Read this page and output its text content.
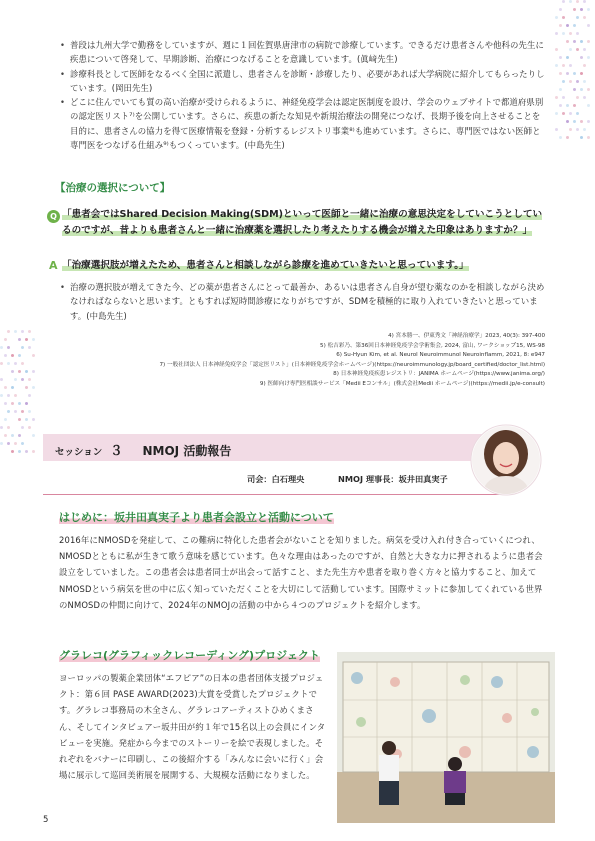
• 普段は九州大学で勤務をしていますが、週に１回佐賀県唐津市の病院で診療しています。できるだけ患者さんや他科の先生に疾患について啓発して、早期診断、治療につなげることを意識しています。(眞﨑先生)
• 診療科長として医師をなるべく全国に派遣し、患者さんを診断・診療したり、必要があれば大学病院に紹介してもらったりしています。(岡田先生)
• どこに住んでいても質の高い治療が受けられるように、神経免疫学会は認定医制度を設け、学会のウェブサイトで都道府県別の認定医リスト⁷⁾を公開しています。さらに、疾患の新たな知見や新規治療法の開発につなげ、長期予後を向上させることを目的に、患者さんの協力を得て医療情報を登録・分析するレジストリ事業⁸⁾も進めています。さらに、専門医ではない医師と専門医をつなげる仕組み⁹⁾もつくっています。(中島先生)
【治療の選択について】
Q 「患者会ではShared Decision Making(SDM)といって医師と一緒に治療の意思決定をしていこうとしているのですが、昔よりも患者さんと一緒に治療薬を選択したり考えたりする機会が増えた印象はありますか？」
A 「治療選択肢が増えたため、患者さんと相談しながら診療を進めていきたいと思っています。」
• 治療の選択肢が増えてきた今、どの薬が患者さんにとって最善か、あるいは患者さん自身が望む薬なのかを相談しながら決めなければならないと思います。ともすれば短時間診療になりがちですが、SDMを積極的に取り入れていきたいと思っています。(中島先生)
4) 宮本勝一、伊東秀文「神経治療学」2023, 40(3): 397-400
5) 松吉彩乃、第36回日本神経免疫学会学術集会, 2024, 富山, ワークショップ15, WS-98
6) Su-Hyun Kim, et al. Neurol Neuroimmunol Neuroinflamm, 2021, 8: e947
7) 一般社団法人 日本神経免疫学会「認定医リスト」(日本神経免疫学会ホームページ)(https://neuroimmunology.jp/board_certified/doctor_list.html)
8) 日本神経免疫疾患レジストリ：JANIMA ホームページ(https://www.janima.org/)
9) 医師向け専門医相談サービス「Medii Eコンサル」(株式会社Medii ホームページ)(https://medii.jp/e-consult)
セッション ３ NMOJ 活動報告
司会：白石理央	NMOJ 理事長：坂井田真実子
はじめに：坂井田真実子より患者会設立と活動について
2016年にNMOSDを発症して、この難病に特化した患者会がないことを知りました。病気を受け入れ付き合っていくにつれ、NMOSDとともに私が生きて歌う意味を感じています。色々な理由はあったのですが、自然と大きな力に押されるように患者会設立をしていました。この患者会は患者同士が出会って話すこと、また先生方や患者を取り巻く方々と協力すること、加えてNMOSDという病気を世の中に広く知っていただくことを大切にして活動しています。国際サミットに参加してくれている世界のNMOSDの仲間に向けて、2024年のNMOJの活動の中から４つのプロジェクトを紹介します。
グラレコ(グラフィックレコーディング)プロジェクト
ヨーロッパの製薬企業団体“エフピア”の日本の患者団体支援プロジェクト：第６回 PASE AWARD(2023)大賞を受賞したプロジェクトです。グラレコ事務局の木全さん、グラレコアーティストひめくまさん、そしてインタビュアー坂井田が約１年で15名以上の会員にインタビューを実施。発症から今までのストーリーを絵で表現しました。それぞれをバナーに印刷し、この後紹介する「みんなに会いに行く」会場に展示して巡回美術展を展開する、大規模な活動になりました。
5
